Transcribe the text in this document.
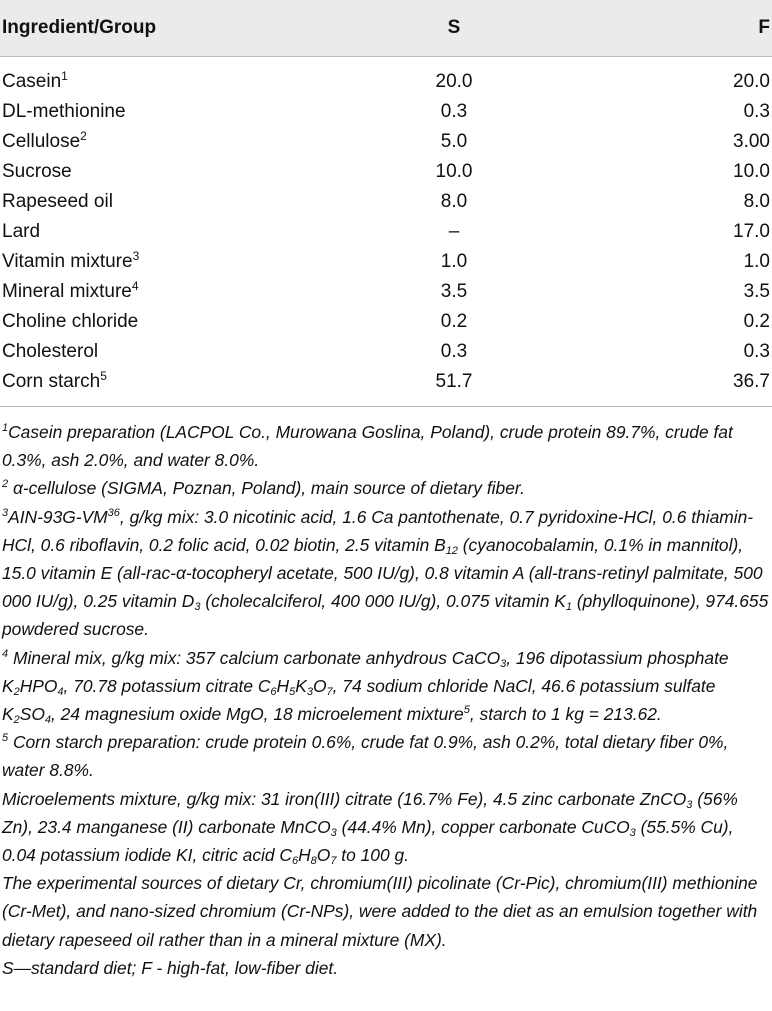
Ingredient/Group	S	F
Casein$^1$	20.0	20.0
DL-methionine	0.3	0.3
Cellulose$^2$	5.0	3.00
Sucrose	10.0	10.0
Rapeseed oil	8.0	8.0
Lard	–	17.0
Vitamin mixture$^3$	1.0	1.0
Mineral mixture$^4$	3.5	3.5
Choline chloride	0.2	0.2
Cholesterol	0.3	0.3
Corn starch$^5$	51.7	36.7
$^1$Casein preparation (LACPOL Co., Murowana Goslina, Poland), crude protein 89.7%, crude fat 0.3%, ash 2.0%, and water 8.0%.
$^2$ α-cellulose (SIGMA, Poznan, Poland), main source of dietary fiber.
$^3$AIN-93G-VM$^{36}$, g/kg mix: 3.0 nicotinic acid, 1.6 Ca pantothenate, 0.7 pyridoxine-HCl, 0.6 thiamin-HCl, 0.6 riboflavin, 0.2 folic acid, 0.02 biotin, 2.5 vitamin $B_{12}$ (cyanocobalamin, 0.1% in mannitol), 15.0 vitamin E (all-rac-α-tocopheryl acetate, 500 IU/g), 0.8 vitamin A (all-trans-retinyl palmitate, 500 000 IU/g), 0.25 vitamin $D_3$ (cholecalciferol, 400 000 IU/g), 0.075 vitamin $K_1$ (phylloquinone), 974.655 powdered sucrose.
$^4$ Mineral mix, g/kg mix: 357 calcium carbonate anhydrous CaCO$_3$, 196 dipotassium phosphate $K_2HPO_4$, 70.78 potassium citrate $C_6H_5K_3O_7$, 74 sodium chloride NaCl, 46.6 potassium sulfate $K_2SO_4$, 24 magnesium oxide MgO, 18 microelement mixture$^5$, starch to 1 kg = 213.62.
$^5$ Corn starch preparation: crude protein 0.6%, crude fat 0.9%, ash 0.2%, total dietary fiber 0%, water 8.8%.
Microelements mixture, g/kg mix: 31 iron(III) citrate (16.7% Fe), 4.5 zinc carbonate ZnCO$_3$ (56% Zn), 23.4 manganese (II) carbonate MnCO$_3$ (44.4% Mn), copper carbonate CuCO$_3$ (55.5% Cu), 0.04 potassium iodide KI, citric acid $C_6H_8O_7$ to 100 g.
The experimental sources of dietary Cr, chromium(III) picolinate (Cr-Pic), chromium(III) methionine (Cr-Met), and nano-sized chromium (Cr-NPs), were added to the diet as an emulsion together with dietary rapeseed oil rather than in a mineral mixture (MX).
S—standard diet; F - high-fat, low-fiber diet.
